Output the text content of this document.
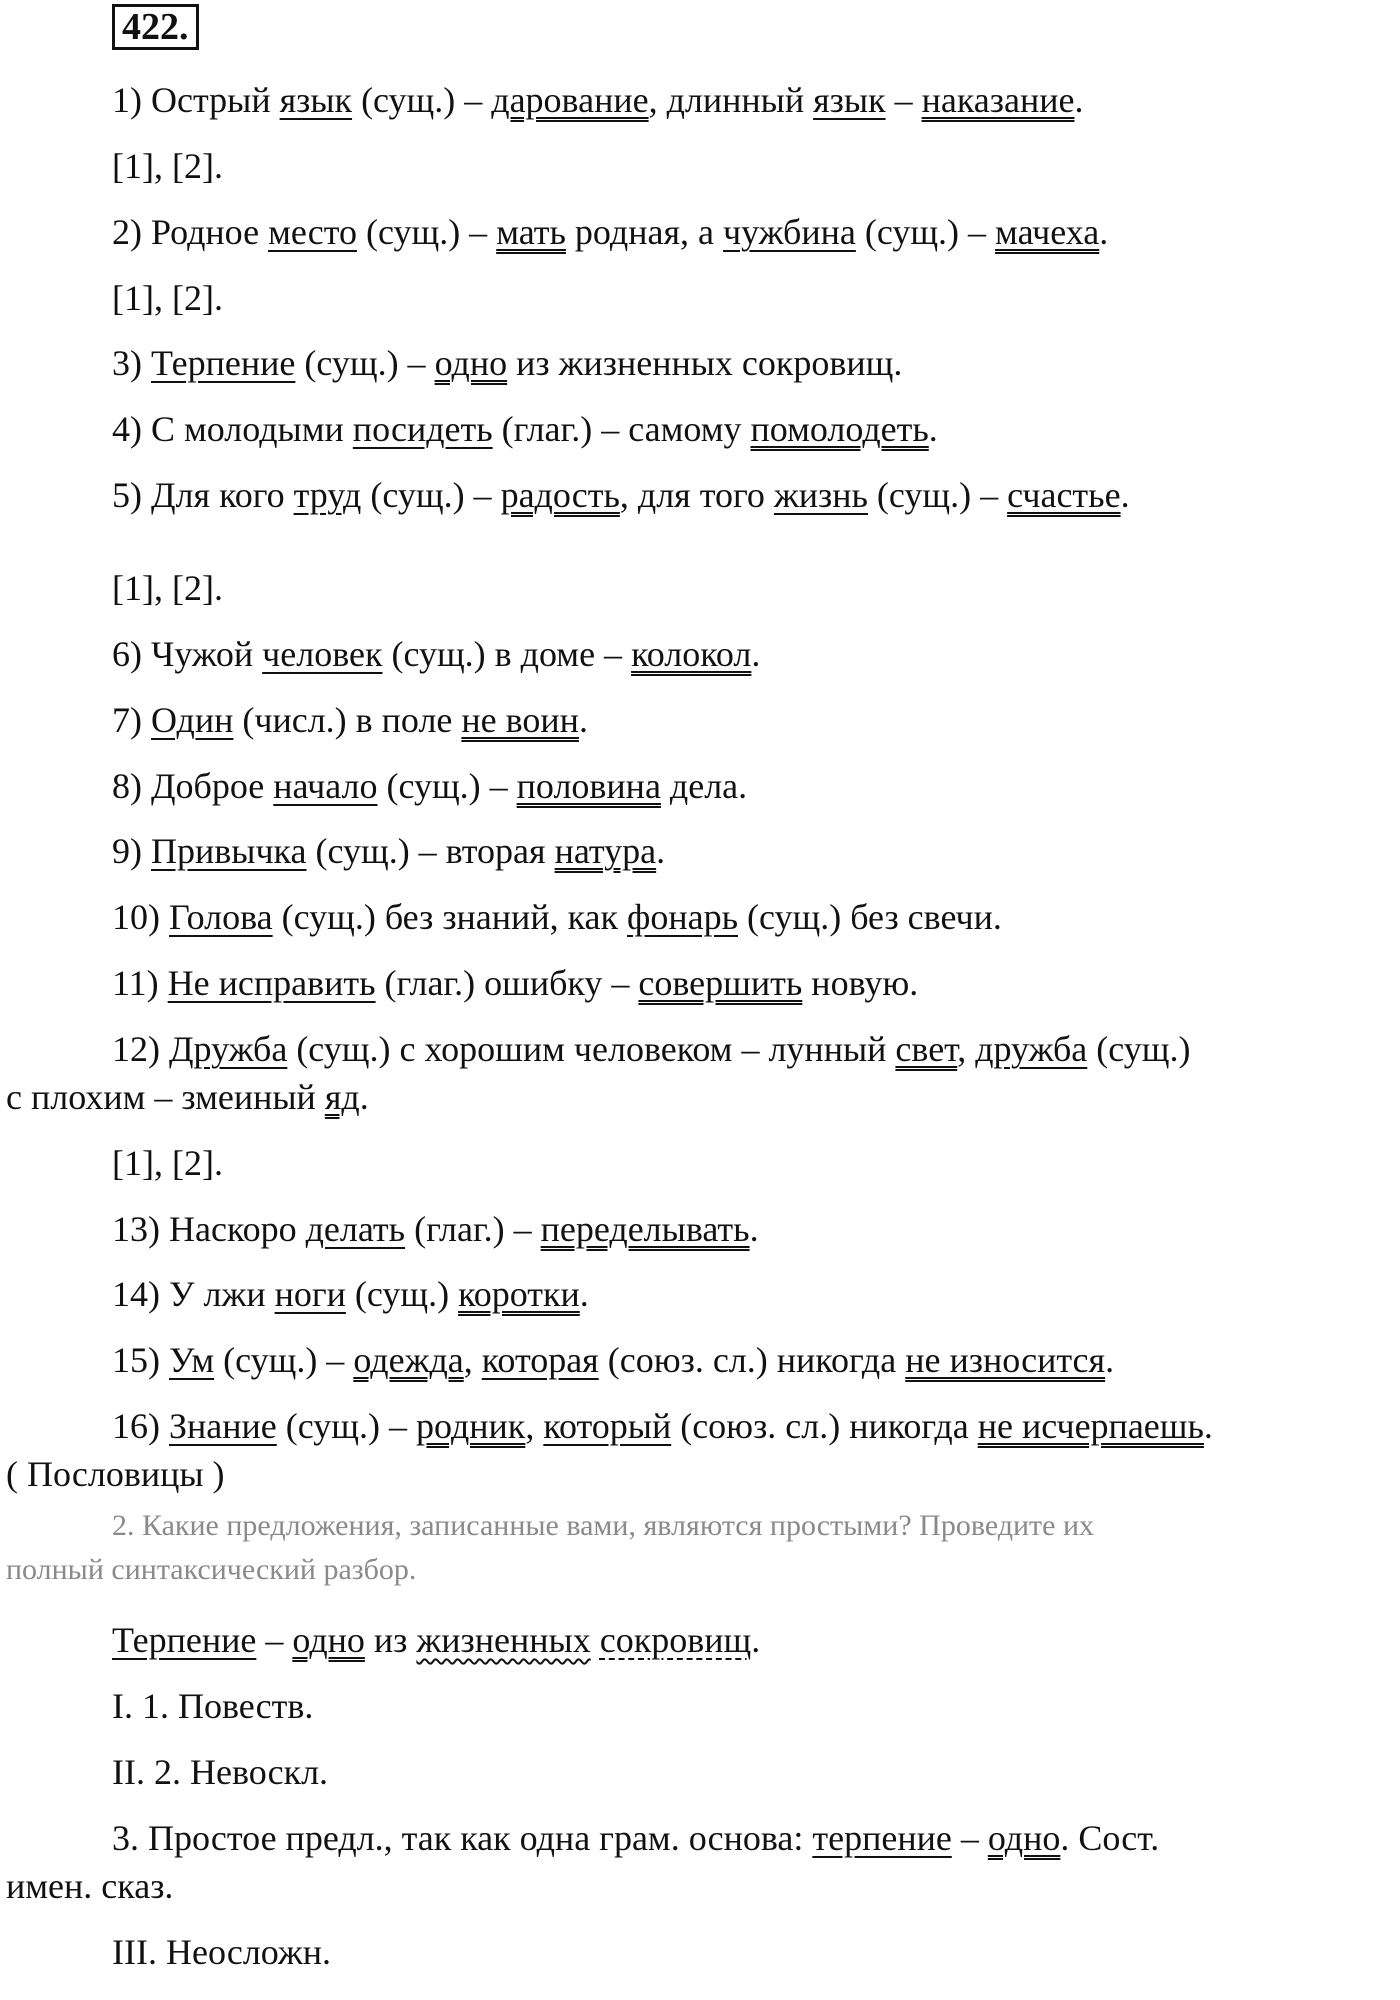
422.
1) Острый язык (сущ.) – дарование, длинный язык – наказание.
[1], [2].
2) Родное место (сущ.) – мать родная, а чужбина (сущ.) – мачеха.
[1], [2].
3) Терпение (сущ.) – одно из жизненных сокровищ.
4) С молодыми посидеть (глаг.) – самому помолодеть.
5) Для кого труд (сущ.) – радость, для того жизнь (сущ.) – счастье.
[1], [2].
6) Чужой человек (сущ.) в доме – колокол.
7) Один (числ.) в поле не воин.
8) Доброе начало (сущ.) – половина дела.
9) Привычка (сущ.) – вторая натура.
10) Голова (сущ.) без знаний, как фонарь (сущ.) без свечи.
11) Не исправить (глаг.) ошибку – совершить новую.
12) Дружба (сущ.) с хорошим человеком – лунный свет, дружба (сущ.)
с плохим – змеиный яд.
[1], [2].
13) Наскоро делать (глаг.) – переделывать.
14) У лжи ноги (сущ.) коротки.
15) Ум (сущ.) – одежда, которая (союз. сл.) никогда не износится.
16) Знание (сущ.) – родник, который (союз. сл.) никогда не исчерпаешь.
( Пословицы )
2. Какие предложения, записанные вами, являются простыми? Проведите их
полный синтаксический разбор.
Терпение – одно из жизненных сокровищ.
I. 1. Повеств.
II. 2. Невоскл.
3. Простое предл., так как одна грам. основа: терпение – одно. Сост.
имен. сказ.
III. Неосложн.
